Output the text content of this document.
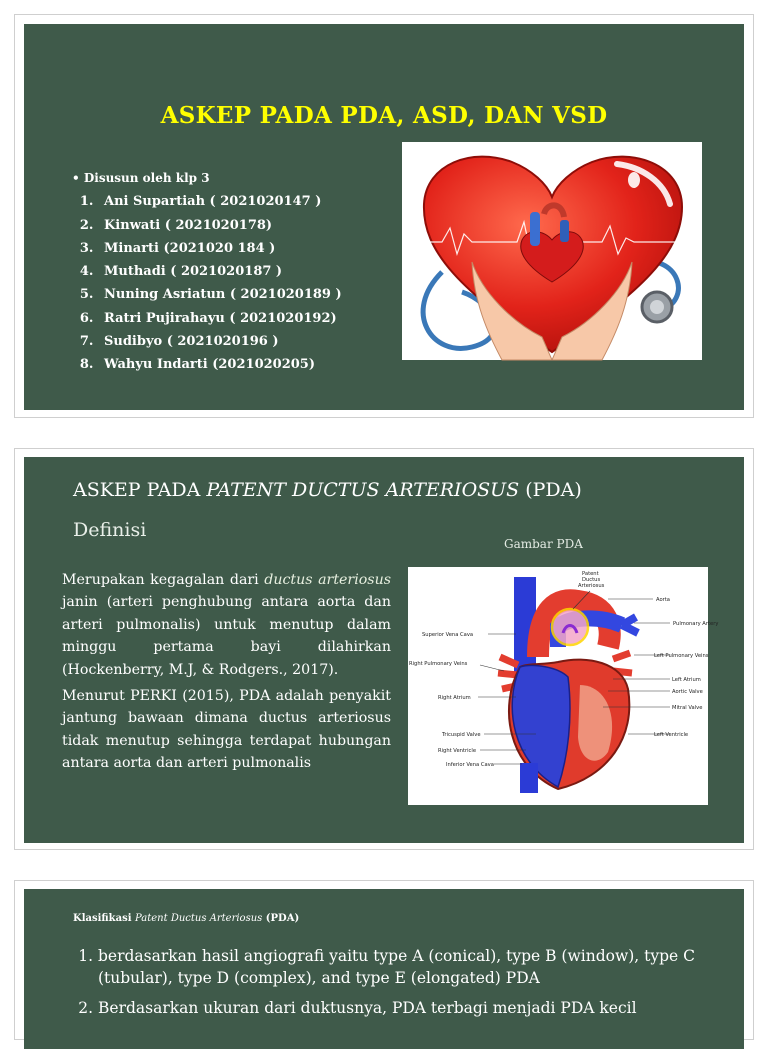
ASKEP PADA PDA, ASD, DAN VSD
• Disusun oleh klp 3
1. Ani Supartiah ( 2021020147 )
2. Kinwati ( 2021020178)
3. Minarti (2021020 184 )
4. Muthadi ( 2021020187 )
5. Nuning Asriatun ( 2021020189 )
6. Ratri Pujirahayu ( 2021020192)
7. Sudibyo ( 2021020196 )
8. Wahyu Indarti (2021020205)
ASKEP PADA PATENT DUCTUS ARTERIOSUS (PDA)
Definisi

Merupakan kegagalan dari ductus arteriosus janin (arteri penghubung antara aorta dan arteri pulmonalis) untuk menutup dalam minggu pertama bayi dilahirkan (Hockenberry, M.J, & Rodgers., 2017).

Menurut PERKI (2015), PDA adalah penyakit jantung bawaan dimana ductus arteriosus tidak menutup sehingga terdapat hubungan antara aorta dan arteri pulmonalis

Gambar PDA
Patent
Ductus
Arteriosus
Aorta
Pulmonary Artery
Superior Vena Cava
Left Pulmonary Veins
Right Pulmonary Veins
Left Atrium
Aortic Valve
Right Atrium
Mitral Valve
Tricuspid Valve	Left Ventricle
Right Ventricle
Inferior Vena Cava
Klasifikasi Patent Ductus Arteriosus (PDA)
1. berdasarkan hasil angiografi yaitu type A (conical), type B (window), type C (tubular), type D (complex), and type E (elongated) PDA
2. Berdasarkan ukuran dari duktusnya, PDA terbagi menjadi PDA kecil
